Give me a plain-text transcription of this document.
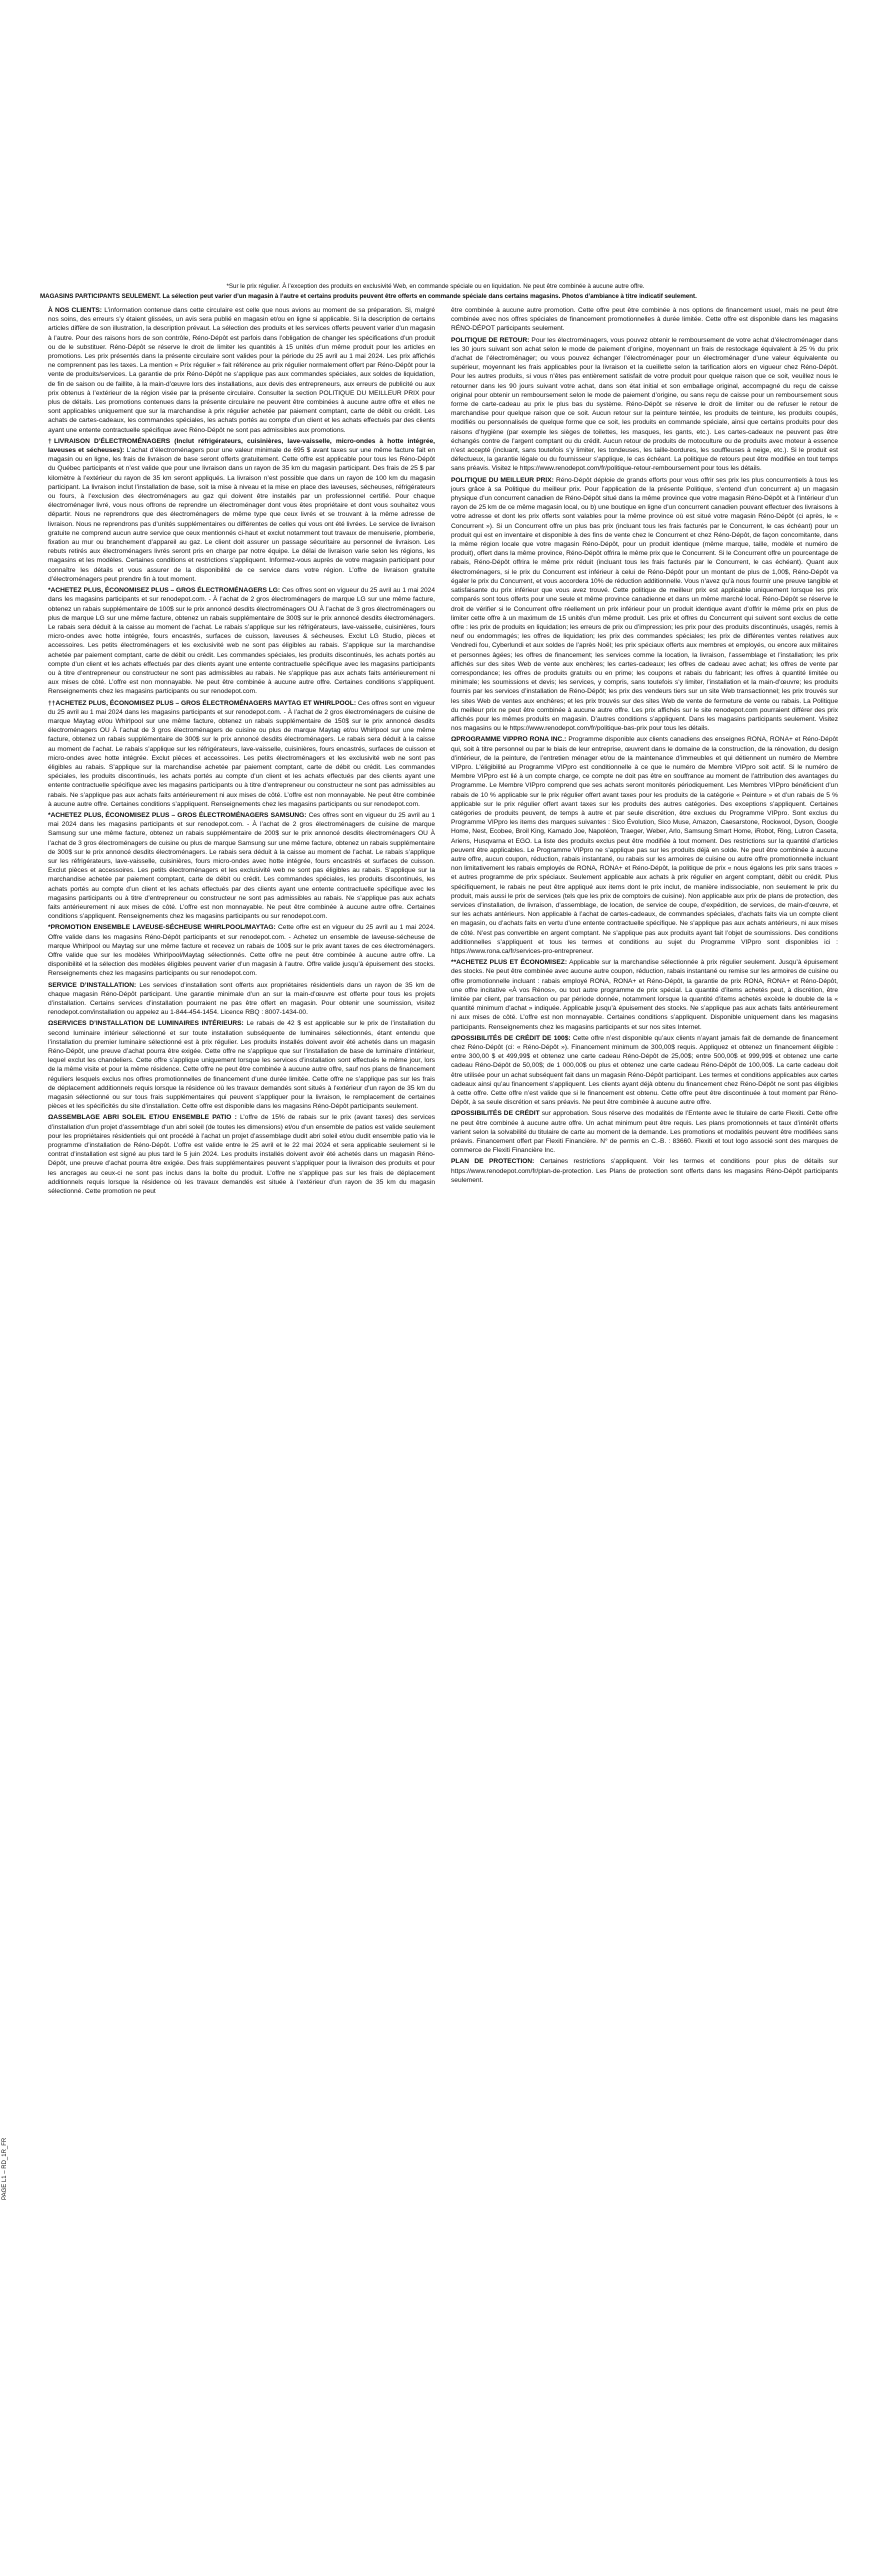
*Sur le prix régulier. À l’exception des produits en exclusivité Web, en commande spéciale ou en liquidation. Ne peut être combinée à aucune autre offre.

MAGASINS PARTICIPANTS SEULEMENT. La sélection peut varier d’un magasin à l’autre et certains produits peuvent être offerts en commande spéciale dans certains magasins. Photos d’ambiance à titre indicatif seulement.

À NOS CLIENTS: L’information contenue dans cette circulaire est celle que nous avions au moment de sa préparation. Si, malgré nos soins, des erreurs s’y étaient glissées, un avis sera publié en magasin et/ou en ligne si applicable. Si la description de certains articles diffère de son illustration, la description prévaut. La sélection des produits et les services offerts peuvent varier d’un magasin à l’autre. Pour des raisons hors de son contrôle, Réno-Dépôt est parfois dans l’obligation de changer les spécifications d’un produit ou de le substituer. Réno-Dépôt se réserve le droit de limiter les quantités à 15 unités d’un même produit pour les articles en promotions. Les prix présentés dans la présente circulaire sont valides pour la période du 25 avril au 1 mai 2024. Les prix affichés ne comprennent pas les taxes. La mention « Prix régulier » fait référence au prix régulier normalement offert par Réno-Dépôt pour la vente de produits/services. La garantie de prix Réno-Dépôt ne s’applique pas aux commandes spéciales, aux soldes de liquidation, de fin de saison ou de faillite, à la main-d’œuvre lors des installations, aux devis des entrepreneurs, aux erreurs de publicité ou aux prix obtenus à l’extérieur de la région visée par la présente circulaire. Consulter la section POLITIQUE DU MEILLEUR PRIX pour plus de détails. Les promotions contenues dans la présente circulaire ne peuvent être combinées à aucune autre offre et elles ne sont applicables uniquement que sur la marchandise à prix régulier achetée par paiement comptant, carte de débit ou crédit. Les achats de cartes-cadeaux, les commandes spéciales, les achats portés au compte d’un client et les achats effectués par des clients ayant une entente contractuelle spécifique avec Réno-Dépôt ne sont pas admissibles aux promotions.

†LIVRAISON D’ÉLECTROMÉNAGERS (Inclut réfrigérateurs, cuisinières, lave-vaisselle, micro-ondes à hotte intégrée, laveuses et sécheuses): L’achat d’électroménagers pour une valeur minimale de 695 $ avant taxes sur une même facture fait en magasin ou en ligne, les frais de livraison de base seront offerts gratuitement. Cette offre est applicable pour tous les Réno-Dépôt du Québec participants et n’est valide que pour une livraison dans un rayon de 35 km du magasin participant. Des frais de 25 $ par kilomètre à l’extérieur du rayon de 35 km seront appliqués. La livraison n’est possible que dans un rayon de 100 km du magasin participant. La livraison inclut l’installation de base, soit la mise à niveau et la mise en place des laveuses, sécheuses, réfrigérateurs ou fours, à l’exclusion des électroménagers au gaz qui doivent être installés par un professionnel certifié. Pour chaque électroménager livré, vous nous offrons de reprendre un électroménager dont vous êtes propriétaire et dont vous souhaitez vous départir. Nous ne reprendrons que des électroménagers de même type que ceux livrés et se trouvant à la même adresse de livraison. Nous ne reprendrons pas d’unités supplémentaires ou différentes de celles qui vous ont été livrées. Le service de livraison gratuite ne comprend aucun autre service que ceux mentionnés ci-haut et exclut notamment tout travaux de menuiserie, plomberie, fixation au mur ou branchement d’appareil au gaz. Le client doit assurer un passage sécuritaire au personnel de livraison. Les rebuts retirés aux électroménagers livrés seront pris en charge par notre équipe. Le délai de livraison varie selon les régions, les magasins et les modèles. Certaines conditions et restrictions s’appliquent. Informez-vous auprès de votre magasin participant pour connaître les détails et vous assurer de la disponibilité de ce service dans votre région. L’offre de livraison gratuite d’électroménagers peut prendre fin à tout moment.

*ACHETEZ PLUS, ÉCONOMISEZ PLUS – GROS ÉLECTROMÉNAGERS LG: Ces offres sont en vigueur du 25 avril au 1 mai 2024 dans les magasins participants et sur renodepot.com. - À l’achat de 2 gros électroménagers de marque LG sur une même facture, obtenez un rabais supplémentaire de 100$ sur le prix annoncé desdits électroménagers OU À l’achat de 3 gros électroménagers ou plus de marque LG sur une même facture, obtenez un rabais supplémentaire de 300$ sur le prix annoncé desdits électroménagers. Le rabais sera déduit à la caisse au moment de l’achat. Le rabais s’applique sur les réfrigérateurs, lave-vaisselle, cuisinières, fours micro-ondes avec hotte intégrée, fours encastrés, surfaces de cuisson, laveuses & sécheuses. Exclut LG Studio, pièces et accessoires. Les petits électroménagers et les exclusivité web ne sont pas éligibles au rabais. S’applique sur la marchandise achetée par paiement comptant, carte de débit ou crédit. Les commandes spéciales, les produits discontinués, les achats portés au compte d’un client et les achats effectués par des clients ayant une entente contractuelle spécifique avec les magasins participants ou à titre d’entrepreneur ou constructeur ne sont pas admissibles au rabais. Ne s’applique pas aux achats faits antérieurement ni aux mises de côté. L’offre est non monnayable. Ne peut être combinée à aucune autre offre. Certaines conditions s’appliquent. Renseignements chez les magasins participants ou sur renodepot.com.

††ACHETEZ PLUS, ÉCONOMISEZ PLUS – GROS ÉLECTROMÉNAGERS MAYTAG ET WHIRLPOOL: Ces offres sont en vigueur du 25 avril au 1 mai 2024 dans les magasins participants et sur renodepot.com. - À l’achat de 2 gros électroménagers de cuisine de marque Maytag et/ou Whirlpool sur une même facture, obtenez un rabais supplémentaire de 150$ sur le prix annoncé desdits électroménagers OU À l’achat de 3 gros électroménagers de cuisine ou plus de marque Maytag et/ou Whirlpool sur une même facture, obtenez un rabais supplémentaire de 300$ sur le prix annoncé desdits électroménagers. Le rabais sera déduit à la caisse au moment de l’achat. Le rabais s’applique sur les réfrigérateurs, lave-vaisselle, cuisinières, fours encastrés, surfaces de cuisson et micro-ondes avec hotte intégrée. Exclut pièces et accessoires. Les petits électroménagers et les exclusivité web ne sont pas éligibles au rabais. S’applique sur la marchandise achetée par paiement comptant, carte de débit ou crédit. Les commandes spéciales, les produits discontinués, les achats portés au compte d’un client et les achats effectués par des clients ayant une entente contractuelle spécifique avec les magasins participants ou à titre d’entrepreneur ou constructeur ne sont pas admissibles au rabais. Ne s’applique pas aux achats faits antérieurement ni aux mises de côté. L’offre est non monnayable. Ne peut être combinée à aucune autre offre. Certaines conditions s’appliquent. Renseignements chez les magasins participants ou sur renodepot.com.

*ACHETEZ PLUS, ÉCONOMISEZ PLUS – GROS ÉLECTROMÉNAGERS SAMSUNG: Ces offres sont en vigueur du 25 avril au 1 mai 2024 dans les magasins participants et sur renodepot.com. - À l’achat de 2 gros électroménagers de cuisine de marque Samsung sur une même facture, obtenez un rabais supplémentaire de 200$ sur le prix annoncé desdits électroménagers OU À l’achat de 3 gros électroménagers de cuisine ou plus de marque Samsung sur une même facture, obtenez un rabais supplémentaire de 300$ sur le prix annoncé desdits électroménagers. Le rabais sera déduit à la caisse au moment de l’achat. Le rabais s’applique sur les réfrigérateurs, lave-vaisselle, cuisinières, fours micro-ondes avec hotte intégrée, fours encastrés et surfaces de cuisson. Exclut pièces et accessoires. Les petits électroménagers et les exclusivité web ne sont pas éligibles au rabais. S’applique sur la marchandise achetée par paiement comptant, carte de débit ou crédit. Les commandes spéciales, les produits discontinués, les achats portés au compte d’un client et les achats effectués par des clients ayant une entente contractuelle spécifique avec les magasins participants ou à titre d’entrepreneur ou constructeur ne sont pas admissibles au rabais. Ne s’applique pas aux achats faits antérieurement ni aux mises de côté. L’offre est non monnayable. Ne peut être combinée à aucune autre offre. Certaines conditions s’appliquent. Renseignements chez les magasins participants ou sur renodepot.com.

*PROMOTION ENSEMBLE LAVEUSE-SÉCHEUSE WHIRLPOOL/MAYTAG: Cette offre est en vigueur du 25 avril au 1 mai 2024. Offre valide dans les magasins Réno-Dépôt participants et sur renodepot.com. - Achetez un ensemble de laveuse-sécheuse de marque Whirlpool ou Maytag sur une même facture et recevez un rabais de 100$ sur le prix avant taxes de ces électroménagers. Offre valide que sur les modèles Whirlpool/Maytag sélectionnés. Cette offre ne peut être combinée à aucune autre offre. La disponibilité et la sélection des modèles éligibles peuvent varier d’un magasin à l’autre. Offre valide jusqu’à épuisement des stocks. Renseignements chez les magasins participants ou sur renodepot.com.

SERVICE D’INSTALLATION: Les services d’installation sont offerts aux propriétaires résidentiels dans un rayon de 35 km de chaque magasin Réno-Dépôt participant. Une garantie minimale d’un an sur la main-d’œuvre est offerte pour tous les projets d’installation. Certains services d’installation pourraient ne pas être offert en magasin. Pour obtenir une soumission, visitez renodepot.com/installation ou appelez au 1-844-454-1454. Licence RBQ : 8007-1434-00.

ΩSERVICES D’INSTALLATION DE LUMINAIRES INTÉRIEURS: Le rabais de 42 $ est applicable sur le prix de l’installation du second luminaire intérieur sélectionné et sur toute installation subséquente de luminaires sélectionnés, étant entendu que l’installation du premier luminaire sélectionné est à prix régulier. Les produits installés doivent avoir été achetés dans un magasin Réno-Dépôt, une preuve d’achat pourra être exigée. Cette offre ne s’applique que sur l’installation de base de luminaire d’intérieur, lequel exclut les chandeliers. Cette offre s’applique uniquement lorsque les services d’installation sont effectués le même jour, lors de la même visite et pour la même résidence. Cette offre ne peut être combinée à aucune autre offre, sauf nos plans de financement réguliers lesquels exclus nos offres promotionnelles de financement d’une durée limitée. Cette offre ne s’applique pas sur les frais de déplacement additionnels requis lorsque la résidence où les travaux demandés sont situés à l’extérieur d’un rayon de 35 km du magasin sélectionné ou sur tous frais supplémentaires qui peuvent s’appliquer pour la livraison, le remplacement de certaines pièces et les spécificités du site d’installation. Cette offre est disponible dans les magasins Réno-Dépôt participants seulement.

ΩASSEMBLAGE ABRI SOLEIL ET/OU ENSEMBLE PATIO : L’offre de 15% de rabais sur le prix (avant taxes) des services d’installation d’un projet d’assemblage d’un abri soleil (de toutes les dimensions) et/ou d’un ensemble de patios est valide seulement pour les propriétaires résidentiels qui ont procédé à l’achat un projet d’assemblage dudit abri soleil et/ou dudit ensemble patio via le programme d’installation de Réno-Dépôt. L’offre est valide entre le 25 avril et le 22 mai 2024 et sera applicable seulement si le contrat d’installation est signé au plus tard le 5 juin 2024. Les produits installés doivent avoir été achetés dans un magasin Réno-Dépôt, une preuve d’achat pourra être exigée. Des frais supplémentaires peuvent s’appliquer pour la livraison des produits et pour les ancrages au ceux-ci ne sont pas inclus dans la boîte du produit. L’offre ne s’applique pas sur les frais de déplacement additionnels requis lorsque la résidence où les travaux demandés est située à l’extérieur d’un rayon de 35 km du magasin sélectionné. Cette promotion ne peut

être combinée à aucune autre promotion. Cette offre peut être combinée à nos options de financement usuel, mais ne peut être combinée avec nos offres spéciales de financement promotionnelles à durée limitée. Cette offre est disponible dans les magasins RÉNO-DÉPOT participants seulement.

POLITIQUE DE RETOUR: Pour les électroménagers, vous pouvez obtenir le remboursement de votre achat d’électroménager dans les 30 jours suivant son achat selon le mode de paiement d’origine, moyennant un frais de restockage équivalent à 25 % du prix d’achat de l’électroménager; ou vous pouvez échanger l’électroménager pour un électroménager d’une valeur équivalente ou supérieur, moyennant les frais applicables pour la livraison et la cueillette selon la tarification alors en vigueur chez Réno-Dépôt. Pour les autres produits, si vous n’êtes pas entièrement satisfait de votre produit pour quelque raison que ce soit, veuillez nous le retourner dans les 90 jours suivant votre achat, dans son état initial et son emballage original, accompagné du reçu de caisse original pour obtenir un remboursement selon le mode de paiement d’origine, ou sans reçu de caisse pour un remboursement sous forme de carte-cadeau au prix le plus bas du système. Réno-Dépôt se réserve le droit de limiter ou de refuser le retour de marchandise pour quelque raison que ce soit. Aucun retour sur la peinture teintée, les produits de teinture, les produits coupés, modifiés ou personnalisés de quelque forme que ce soit, les produits en commande spéciale, ainsi que certains produits pour des raisons d’hygiène (par exemple les sièges de toilettes, les masques, les gants, etc.). Les cartes-cadeaux ne peuvent pas être échangés contre de l’argent comptant ou du crédit. Aucun retour de produits de motoculture ou de produits avec moteur à essence n’est accepté (incluant, sans toutefois s’y limiter, les tondeuses, les taille-bordures, les souffleuses à neige, etc.). Si le produit est défectueux, la garantie légale ou du fournisseur s’applique, le cas échéant. La politique de retours peut être modifiée en tout temps sans préavis. Visitez le https://www.renodepot.com/fr/politique-retour-remboursement pour tous les détails.

POLITIQUE DU MEILLEUR PRIX: Réno-Dépôt déploie de grands efforts pour vous offrir ses prix les plus concurrentiels à tous les jours grâce à sa Politique du meilleur prix. Pour l’application de la présente Politique, s’entend d’un concurrent a) un magasin physique d’un concurrent canadien de Réno-Dépôt situé dans la même province que votre magasin Réno-Dépôt et à l’intérieur d’un rayon de 25 km de ce même magasin local, ou b) une boutique en ligne d’un concurrent canadien pouvant effectuer des livraisons à votre adresse et dont les prix offerts sont valables pour la même province où est situé votre magasin Réno-Dépôt (ci après, le « Concurrent »). Si un Concurrent offre un plus bas prix (incluant tous les frais facturés par le Concurrent, le cas échéant) pour un produit qui est en inventaire et disponible à des fins de vente chez le Concurrent et chez Réno-Dépôt, de façon concomitante, dans la même région locale que votre magasin Réno-Dépôt, pour un produit identique (même marque, taille, modèle et numéro de produit), offert dans la même province, Réno-Dépôt offrira le même prix que le Concurrent. Si le Concurrent offre un pourcentage de rabais, Réno-Dépôt offrira le même prix réduit (incluant tous les frais facturés par le Concurrent, le cas échéant). Quant aux électroménagers, si le prix du Concurrent est inférieur à celui de Réno-Dépôt pour un montant de plus de 1,00$, Réno-Dépôt va égaler le prix du Concurrent, et vous accordera 10% de réduction additionnelle. Vous n’avez qu’à nous fournir une preuve tangible et satisfaisante du prix inférieur que vous avez trouvé. Cette politique de meilleur prix est applicable uniquement lorsque les prix comparés sont tous offerts pour une seule et même province canadienne et dans un même marché local. Réno-Dépôt se réserve le droit de vérifier si le Concurrent offre réellement un prix inférieur pour un produit identique avant d’offrir le même prix en plus de limiter cette offre à un maximum de 15 unités d’un même produit. Les prix et offres du Concurrent qui suivent sont exclus de cette offre : les prix de produits en liquidation; les erreurs de prix ou d’impression; les prix pour des produits discontinués, usagés, remis à neuf ou endommagés; les offres de liquidation; les prix des commandes spéciales; les prix de différentes ventes relatives aux Vendredi fou, Cyberlundi et aux soldes de l’après Noël; les prix spéciaux offerts aux membres et employés, ou encore aux militaires et personnes âgées; les offres de financement; les services comme la location, la livraison, l’assemblage et l’installation; les prix affichés sur des sites Web de vente aux enchères; les cartes-cadeaux; les offres de cadeau avec achat; les offres de vente par correspondance; les offres de produits gratuits ou en prime; les coupons et rabais du fabricant; les offres à quantité limitée ou minimale; les soumissions et devis; les services, y compris, sans toutefois s’y limiter, l’installation et la main-d’œuvre; les produits fournis par les services d’installation de Réno-Dépôt; les prix des vendeurs tiers sur un site Web transactionnel; les prix trouvés sur les sites Web de ventes aux enchères; et les prix trouvés sur des sites Web de vente de fermeture de vente ou rabais. La Politique du meilleur prix ne peut être combinée à aucune autre offre. Les prix affichés sur le site renodepot.com pourraient différer des prix affichés pour les mêmes produits en magasin. D’autres conditions s’appliquent. Dans les magasins participants seulement. Visitez nos magasins ou le https://www.renodepot.com/fr/politique-bas-prix pour tous les détails.

ΩPROGRAMME VIPPRO RONA INC.: Programme disponible aux clients canadiens des enseignes RONA, RONA+ et Réno-Dépôt qui, soit à titre personnel ou par le biais de leur entreprise, œuvrent dans le domaine de la construction, de la rénovation, du design d’intérieur, de la peinture, de l’entretien ménager et/ou de la maintenance d’immeubles et qui détiennent un numéro de Membre VIPpro. L’éligibilité au Programme VIPpro est conditionnelle à ce que le numéro de Membre VIPpro soit actif. Si le numéro de Membre VIPpro est lié à un compte charge, ce compte ne doit pas être en souffrance au moment de l’attribution des avantages du Programme. Le Membre VIPpro comprend que ses achats seront monitorés périodiquement. Les Membres VIPpro bénéficient d’un rabais de 10 % applicable sur le prix régulier offert avant taxes pour les produits de la catégorie « Peinture » et d’un rabais de 5 % applicable sur le prix régulier offert avant taxes sur les produits des autres catégories. Des exceptions s’appliquent. Certaines catégories de produits peuvent, de temps à autre et par seule discrétion, être exclues du Programme VIPpro. Sont exclus du Programme VIPpro les items des marques suivantes : Sico Évolution, Sico Muse, Amazon, Caesarstone, Rockwool, Dyson, Google Home, Nest, Ecobee, Broil King, Kamado Joe, Napoléon, Traeger, Weber, Arlo, Samsung Smart Home, iRobot, Ring, Lutron Caseta, Ariens, Husqvarna et EGO. La liste des produits exclus peut être modifiée à tout moment. Des restrictions sur la quantité d’articles peuvent être applicables. Le Programme VIPpro ne s’applique pas sur les produits déjà en solde. Ne peut être combinée à aucune autre offre, aucun coupon, réduction, rabais instantané, ou rabais sur les armoires de cuisine ou autre offre promotionnelle incluant non limitativement les rabais employés de RONA, RONA+ et Réno-Dépôt, la politique de prix « nous égalons les prix sans traces » et autres programme de prix spéciaux. Seulement applicable aux achats à prix régulier en argent comptant, débit ou crédit. Plus spécifiquement, le rabais ne peut être appliqué aux items dont le prix inclut, de manière indissociable, non seulement le prix du produit, mais aussi le prix de services (tels que les prix de comptoirs de cuisine). Non applicable aux prix de plans de protection, des services d’installation, de livraison, d’assemblage, de location, de service de coupe, d’expédition, de services, de main-d’œuvre, et sur les achats antérieurs. Non applicable à l’achat de cartes-cadeaux, de commandes spéciales, d’achats faits via un compte client en magasin, ou d’achats faits en vertu d’une entente contractuelle spécifique. Ne s’applique pas aux achats antérieurs, ni aux mises de côté. N’est pas convertible en argent comptant. Ne s’applique pas aux produits ayant fait l’objet de soumissions. Des conditions additionnelles s’appliquent et tous les termes et conditions au sujet du Programme VIPpro sont disponibles ici : https://www.rona.ca/fr/services-pro-entrepreneur.

**ACHETEZ PLUS ET ÉCONOMISEZ: Applicable sur la marchandise sélectionnée à prix régulier seulement. Jusqu’à épuisement des stocks. Ne peut être combinée avec aucune autre coupon, réduction, rabais instantané ou remise sur les armoires de cuisine ou offre promotionnelle incluant : rabais employé RONA, RONA+ et Réno-Dépôt, la garantie de prix RONA, RONA+ et Réno-Dépôt, une offre incitative «À vos Rénos», ou tout autre programme de prix spécial. La quantité d’items achetés peut, à discrétion, être limitée par client, par transaction ou par période donnée, notamment lorsque la quantité d’items achetés excède le double de la « quantité minimum d’achat » indiquée. Applicable jusqu’à épuisement des stocks. Ne s’applique pas aux achats faits antérieurement ni aux mises de côté. L’offre est non monnayable. Certaines conditions s’appliquent. Disponible uniquement dans les magasins participants. Renseignements chez les magasins participants et sur nos sites Internet.

ΩPOSSIBILITÉS DE CRÉDIT DE 100$: Cette offre n’est disponible qu’aux clients n’ayant jamais fait de demande de financement chez Réno-Dépôt (ci: « Réno-Dépôt »). Financement minimum de 300,00$ requis. Appliquez et obtenez un financement éligible : entre 300,00 $ et 499,99$ et obtenez une carte cadeau Réno-Dépôt de 25,00$; entre 500,00$ et 999,99$ et obtenez une carte cadeau Réno-Dépôt de 50,00$; de 1 000,00$ ou plus et obtenez une carte cadeau Réno-Dépôt de 100,00$. La carte cadeau doit être utilisée pour un achat subséquent fait dans un magasin Réno-Dépôt participant. Les termes et conditions applicables aux cartes cadeaux ainsi qu’au financement s’appliquent. Les clients ayant déjà obtenu du financement chez Réno-Dépôt ne sont pas éligibles à cette offre. Cette offre n’est valide que si le financement est obtenu. Cette offre peut être discontinuée à tout moment par Réno-Dépôt, à sa seule discrétion et sans préavis. Ne peut être combinée à aucune autre offre.

ΩPOSSIBILITÉS DE CRÉDIT sur approbation. Sous réserve des modalités de l’Entente avec le titulaire de carte Flexiti. Cette offre ne peut être combinée à aucune autre offre. Un achat minimum peut être requis. Les plans promotionnels et taux d’intérêt offerts varient selon la solvabilité du titulaire de carte au moment de la demande. Les promotions et modalités peuvent être modifiées sans préavis. Financement offert par Flexiti Financière. N° de permis en C.-B. : 83660. Flexiti et tout logo associé sont des marques de commerce de Flexiti Financière Inc.

PLAN DE PROTECTION: Certaines restrictions s’appliquent. Voir les termes et conditions pour plus de détails sur https://www.renodepot.com/fr/plan-de-protection. Les Plans de protection sont offerts dans les magasins Réno-Dépôt participants seulement.

PAGE L1 – RD_1R_FR
